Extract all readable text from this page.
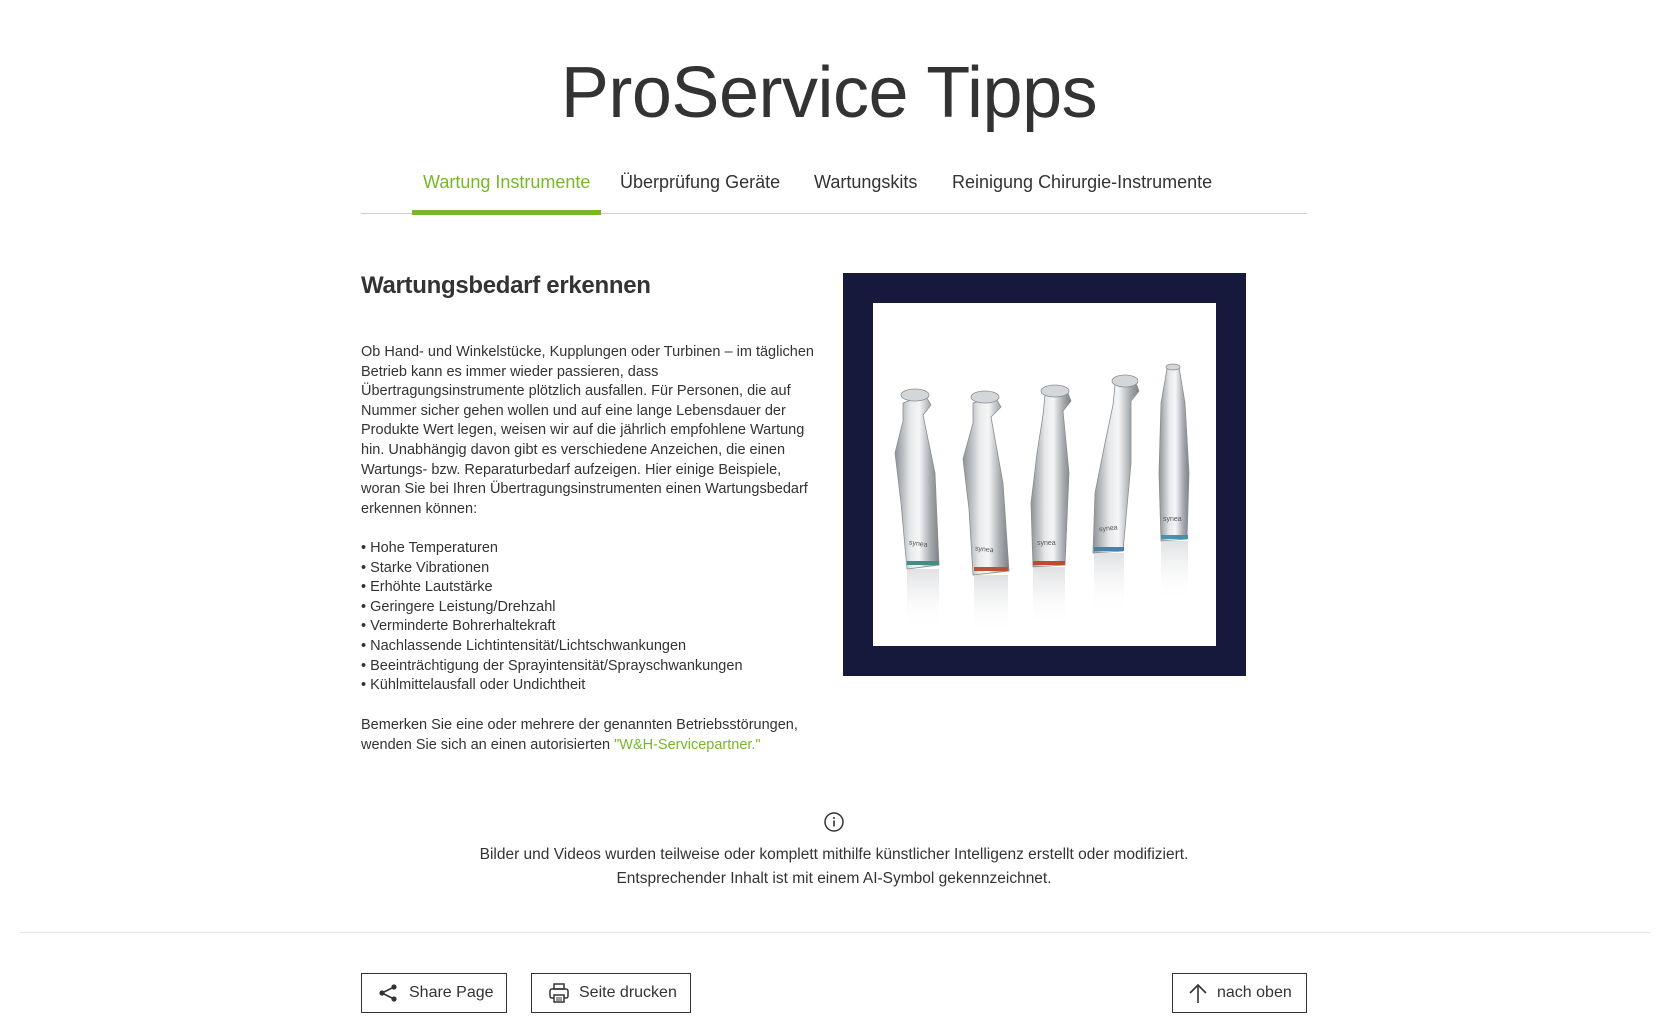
ProService Tipps
Wartung Instrumente Überprüfung Geräte Wartungskits Reinigung Chirurgie-Instrumente
Wartungsbedarf erkennen

Ob Hand- und Winkelstücke, Kupplungen oder Turbinen – im täglichen Betrieb kann es immer wieder passieren, dass Übertragungsinstrumente plötzlich ausfallen. Für Personen, die auf Nummer sicher gehen wollen und auf eine lange Lebensdauer der Produkte Wert legen, weisen wir auf die jährlich empfohlene Wartung hin. Unabhängig davon gibt es verschiedene Anzeichen, die einen Wartungs- bzw. Reparaturbedarf aufzeigen. Hier einige Beispiele, woran Sie bei Ihren Übertragungsinstrumenten einen Wartungsbedarf erkennen können:

• Hohe Temperaturen
• Starke Vibrationen
• Erhöhte Lautstärke
• Geringere Leistung/Drehzahl
• Verminderte Bohrerhaltekraft
• Nachlassende Lichtintensität/Lichtschwankungen
• Beeinträchtigung der Sprayintensität/Sprayschwankungen
• Kühlmittelausfall oder Undichtheit

Bemerken Sie eine oder mehrere der genannten Betriebsstörungen, wenden Sie sich an einen autorisierten "W&H-Servicepartner."

synea
synea
synea
synea
synea
Bilder und Videos wurden teilweise oder komplett mithilfe künstlicher Intelligenz erstellt oder modifiziert.
Entsprechender Inhalt ist mit einem AI-Symbol gekennzeichnet.
Share Page	Seite drucken	nach oben
